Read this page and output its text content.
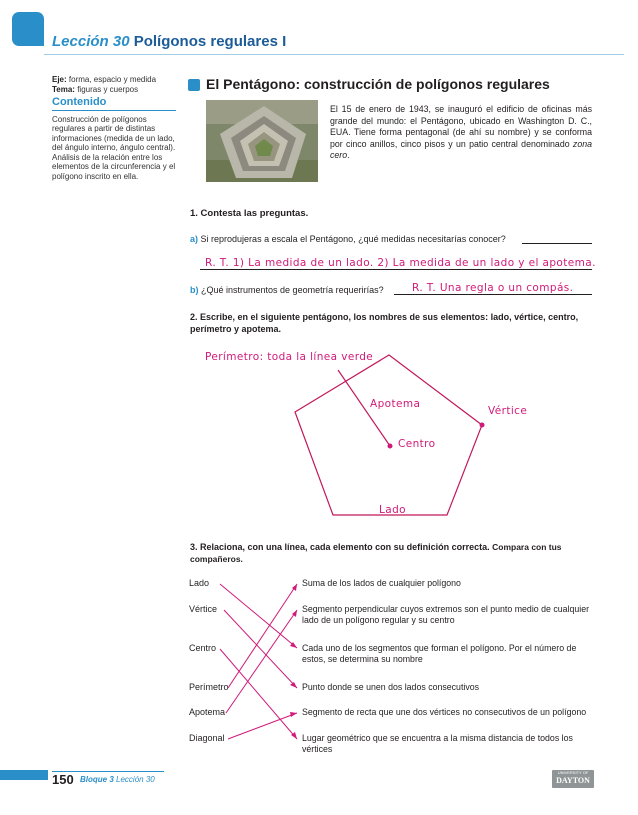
Lección 30 Polígonos regulares I
Eje: forma, espacio y medida
Tema: figuras y cuerpos
Contenido
Construcción de polígonos regulares a partir de distintas informaciones (medida de un lado, del ángulo interno, ángulo central). Análisis de la relación entre los elementos de la circunferencia y el polígono inscrito en ella.
El Pentágono: construcción de polígonos regulares
El 15 de enero de 1943, se inauguró el edificio de oficinas más grande del mundo: el Pentágono, ubicado en Washington D. C., EUA. Tiene forma pentagonal (de ahí su nombre) y se conforma por cinco anillos, cinco pisos y un patio central denominado zona cero.
1. Contesta las preguntas.
a) Si reprodujeras a escala el Pentágono, ¿qué medidas necesitarías conocer?
R. T. 1) La medida de un lado. 2) La medida de un lado y el apotema.
b) ¿Qué instrumentos de geometría requerirías?	R. T. Una regla o un compás.
2. Escribe, en el siguiente pentágono, los nombres de sus elementos: lado, vértice, centro, perímetro y apotema.
Perímetro: toda la línea verde
Apotema
Vértice
Centro
Lado
3. Relaciona, con una línea, cada elemento con su definición correcta. Compara con tus compañeros.
Lado
Vértice
Centro
Perímetro
Apotema
Diagonal
Suma de los lados de cualquier polígono
Segmento perpendicular cuyos extremos son el punto medio de cualquier lado de un polígono regular y su centro
Cada uno de los segmentos que forman el polígono. Por el número de estos, se determina su nombre
Punto donde se unen dos lados consecutivos
Segmento de recta que une dos vértices no consecutivos de un polígono
Lugar geométrico que se encuentra a la misma distancia de todos los vértices
150 Bloque 3 Lección 30
UNIVERSITY OF
DAYTON
